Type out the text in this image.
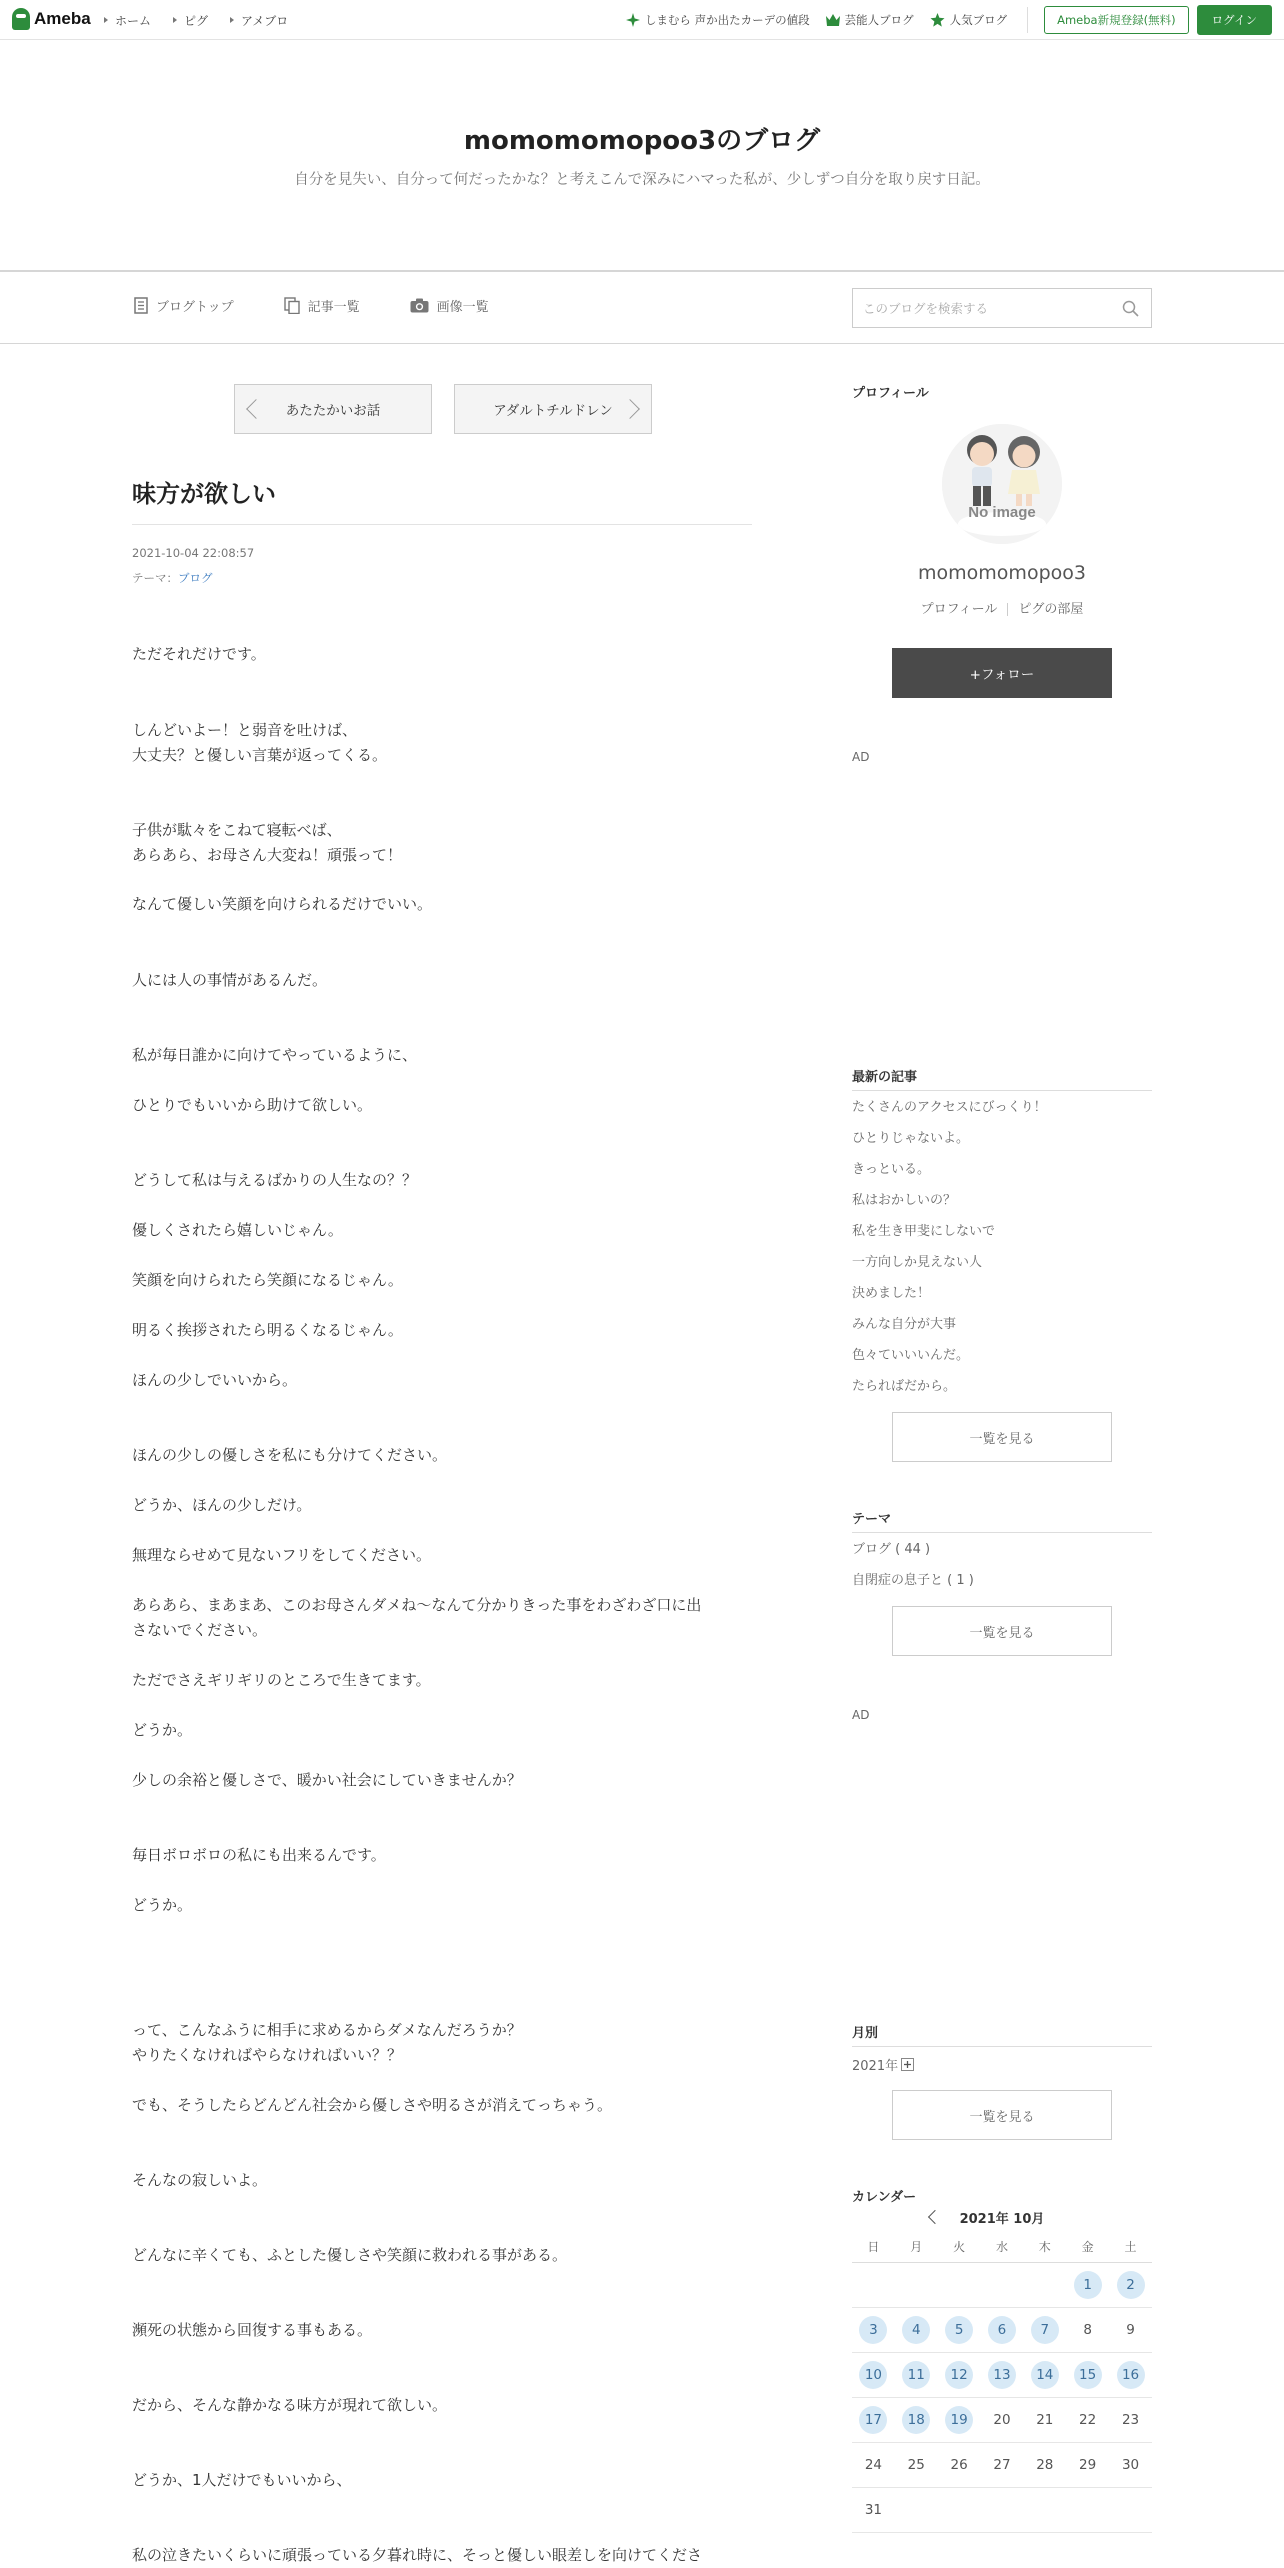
Ameba ホーム	ピグ	アメブロ	しまむら 声か出たカーデの値段	芸能人ブログ	人気ブログ	Ameba新規登録(無料)	ログイン
momomomopoo3のブログ
自分を見失い、自分って何だったかな？と考えこんで深みにハマった私が、少しずつ自分を取り戻す日記。
ブログトップ	記事一覧	画像一覧
このブログを検索する
あたたかいお話	アダルトチルドレン
味方が欲しい
2021-10-04 22:08:57
テーマ：ブログ
ただそれだけです。
しんどいよー！と弱音を吐けば、
大丈夫？と優しい言葉が返ってくる。
子供が駄々をこねて寝転べば、
あらあら、お母さん大変ね！頑張って！
なんて優しい笑顔を向けられるだけでいい。
人には人の事情があるんだ。
私が毎日誰かに向けてやっているように、
ひとりでもいいから助けて欲しい。
どうして私は与えるばかりの人生なの？？
優しくされたら嬉しいじゃん。
笑顔を向けられたら笑顔になるじゃん。
明るく挨拶されたら明るくなるじゃん。
ほんの少しでいいから。
ほんの少しの優しさを私にも分けてください。
どうか、ほんの少しだけ。
無理ならせめて見ないフリをしてください。
あらあら、まあまあ、このお母さんダメね〜なんて分かりきった事をわざわざ口に出
さないでください。
ただでさえギリギリのところで生きてます。
どうか。
少しの余裕と優しさで、暖かい社会にしていきませんか？
毎日ボロボロの私にも出来るんです。
どうか。
って、こんなふうに相手に求めるからダメなんだろうか？
やりたくなければやらなければいい？？
でも、そうしたらどんどん社会から優しさや明るさが消えてっちゃう。
そんなの寂しいよ。
どんなに辛くても、ふとした優しさや笑顔に救われる事がある。
瀕死の状態から回復する事もある。
だから、そんな静かなる味方が現れて欲しい。
どうか、1人だけでもいいから、
私の泣きたいくらいに頑張っている夕暮れ時に、そっと優しい眼差しを向けてくださ
プロフィール
No image
momomomopoo3
プロフィール ピグの部屋
+フォロー
AD
最新の記事
たくさんのアクセスにびっくり！
ひとりじゃないよ。
きっといる。
私はおかしいの？
私を生き甲斐にしないで
一方向しか見えない人
決めました！
みんな自分が大事
色々ていいいんだ。
たらればだから。
一覧を見る
テーマ
ブログ ( 44 )
自閉症の息子と ( 1 )
一覧を見る
AD
月別
2021年
一覧を見る
カレンダー
2021年 10月
日	月	火	水	木	金	土
					1	2
3	4	5	6	7	8	9
10	11	12	13	14	15	16
17	18	19	20	21	22	23
24	25	26	27	28	29	30
31						
